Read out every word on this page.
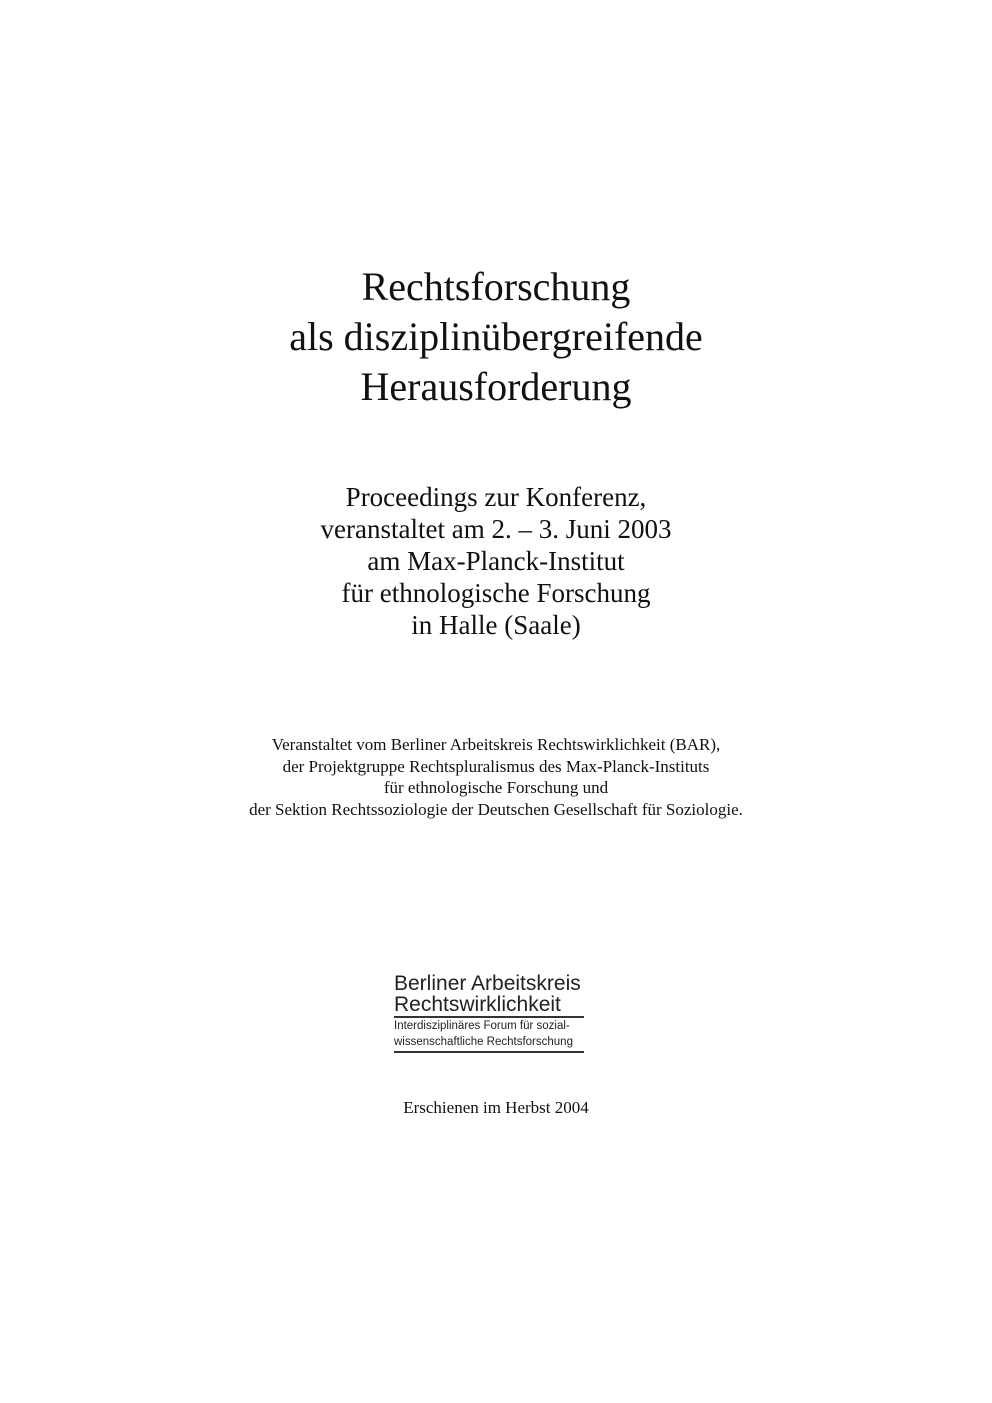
Rechtsforschung
als disziplinübergreifende
Herausforderung
Proceedings zur Konferenz,
veranstaltet am 2. – 3. Juni 2003
am Max-Planck-Institut
für ethnologische Forschung
in Halle (Saale)
Veranstaltet vom Berliner Arbeitskreis Rechtswirklichkeit (BAR),
der Projektgruppe Rechtspluralismus des Max-Planck-Instituts
für ethnologische Forschung und
der Sektion Rechtssoziologie der Deutschen Gesellschaft für Soziologie.
Berliner Arbeitskreis
Rechtswirklichkeit
Interdisziplinäres Forum für sozial-
wissenschaftliche Rechtsforschung
Erschienen im Herbst 2004
